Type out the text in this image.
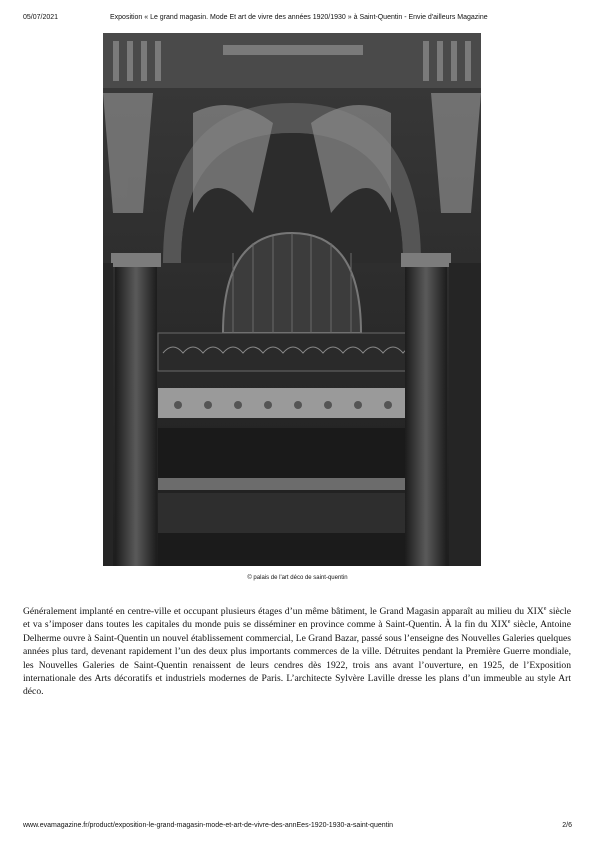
05/07/2021	Exposition « Le grand magasin. Mode Et art de vivre des années 1920/1930 » à Saint-Quentin - Envie d'ailleurs Magazine
© palais de l'art déco de saint-quentin

Généralement implanté en centre-ville et occupant plusieurs étages d’un même bâtiment, le Grand Magasin apparaît au milieu du XIXe siècle et va s’imposer dans toutes les capitales du monde puis se disséminer en province comme à Saint-Quentin. À la fin du XIXe siècle, Antoine Delherme ouvre à Saint-Quentin un nouvel établissement commercial, Le Grand Bazar, passé sous l’enseigne des Nouvelles Galeries quelques années plus tard, devenant rapidement l’un des deux plus importants commerces de la ville. Détruites pendant la Première Guerre mondiale, les Nouvelles Galeries de Saint-Quentin renaissent de leurs cendres dès 1922, trois ans avant l’ouverture, en 1925, de l’Exposition internationale des Arts décoratifs et industriels modernes de Paris. L’architecte Sylvère Laville dresse les plans d’un immeuble au style Art déco.

www.evamagazine.fr/product/exposition-le-grand-magasin-mode-et-art-de-vivre-des-annEes-1920-1930-a-saint-quentin	2/6
